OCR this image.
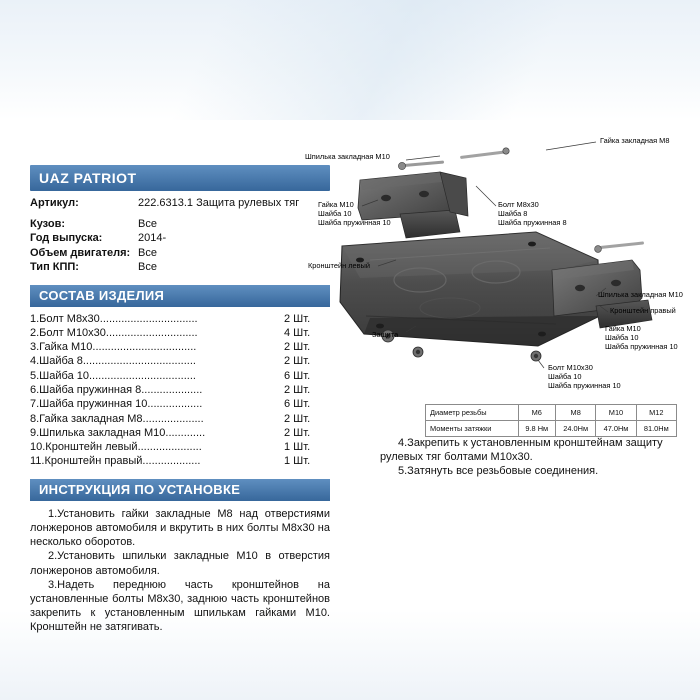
UAZ PATRIOT
Артикул:	222.6313.1 Защита рулевых тяг
Кузов:	Все
Год выпуска:	2014-
Объем двигателя: Все
Тип КПП:	Все
СОСТАВ ИЗДЕЛИЯ
1.Болт M8x30................................	2 Шт.
2.Болт M10x30..............................	4 Шт.
3.Гайка M10..................................	2 Шт.
4.Шайба 8.....................................	2 Шт.
5.Шайба 10...................................	6 Шт.
6.Шайба пружинная 8....................	2 Шт.
7.Шайба пружинная 10..................	6 Шт.
8.Гайка закладная M8....................	2 Шт.
9.Шпилька закладная M10.............	2 Шт.
10.Кронштейн левый.....................	1 Шт.
11.Кронштейн правый...................	1 Шт.
ИНСТРУКЦИЯ ПО УСТАНОВКЕ

1.Установить гайки закладные M8 над отверстиями лонжеронов автомобиля и вкрутить в них болты M8x30 на несколько оборотов.

2.Установить шпильки закладные M10 в отверстия лонжеронов автомобиля.

3.Надеть переднюю часть кронштейнов на установленные болты M8x30, заднюю часть кронштейнов закрепить к установленным шпилькам гайками M10. Кронштейн не затягивать.

Шпилька закладная М10
Гайка закладная М8
Гайка M10
Шайба 10
Шайба пружинная 10
Болт M8x30
Шайба 8
Шайба пружинная 8
Кронштейн левый
Шпилька закладная М10
Кронштейн правый
Защита
Гайка M10
Шайба 10
Шайба пружинная 10
Болт M10x30
Шайба 10
Шайба пружинная 10
Диаметр резьбы	M6	M8	M10	M12
Моменты затяжки	9.8 Нм	24.0Нм	47.0Нм	81.0Нм

4.Закрепить к установленным кронштейнам защиту рулевых тяг болтами M10x30.

5.Затянуть все резьбовые соединения.
